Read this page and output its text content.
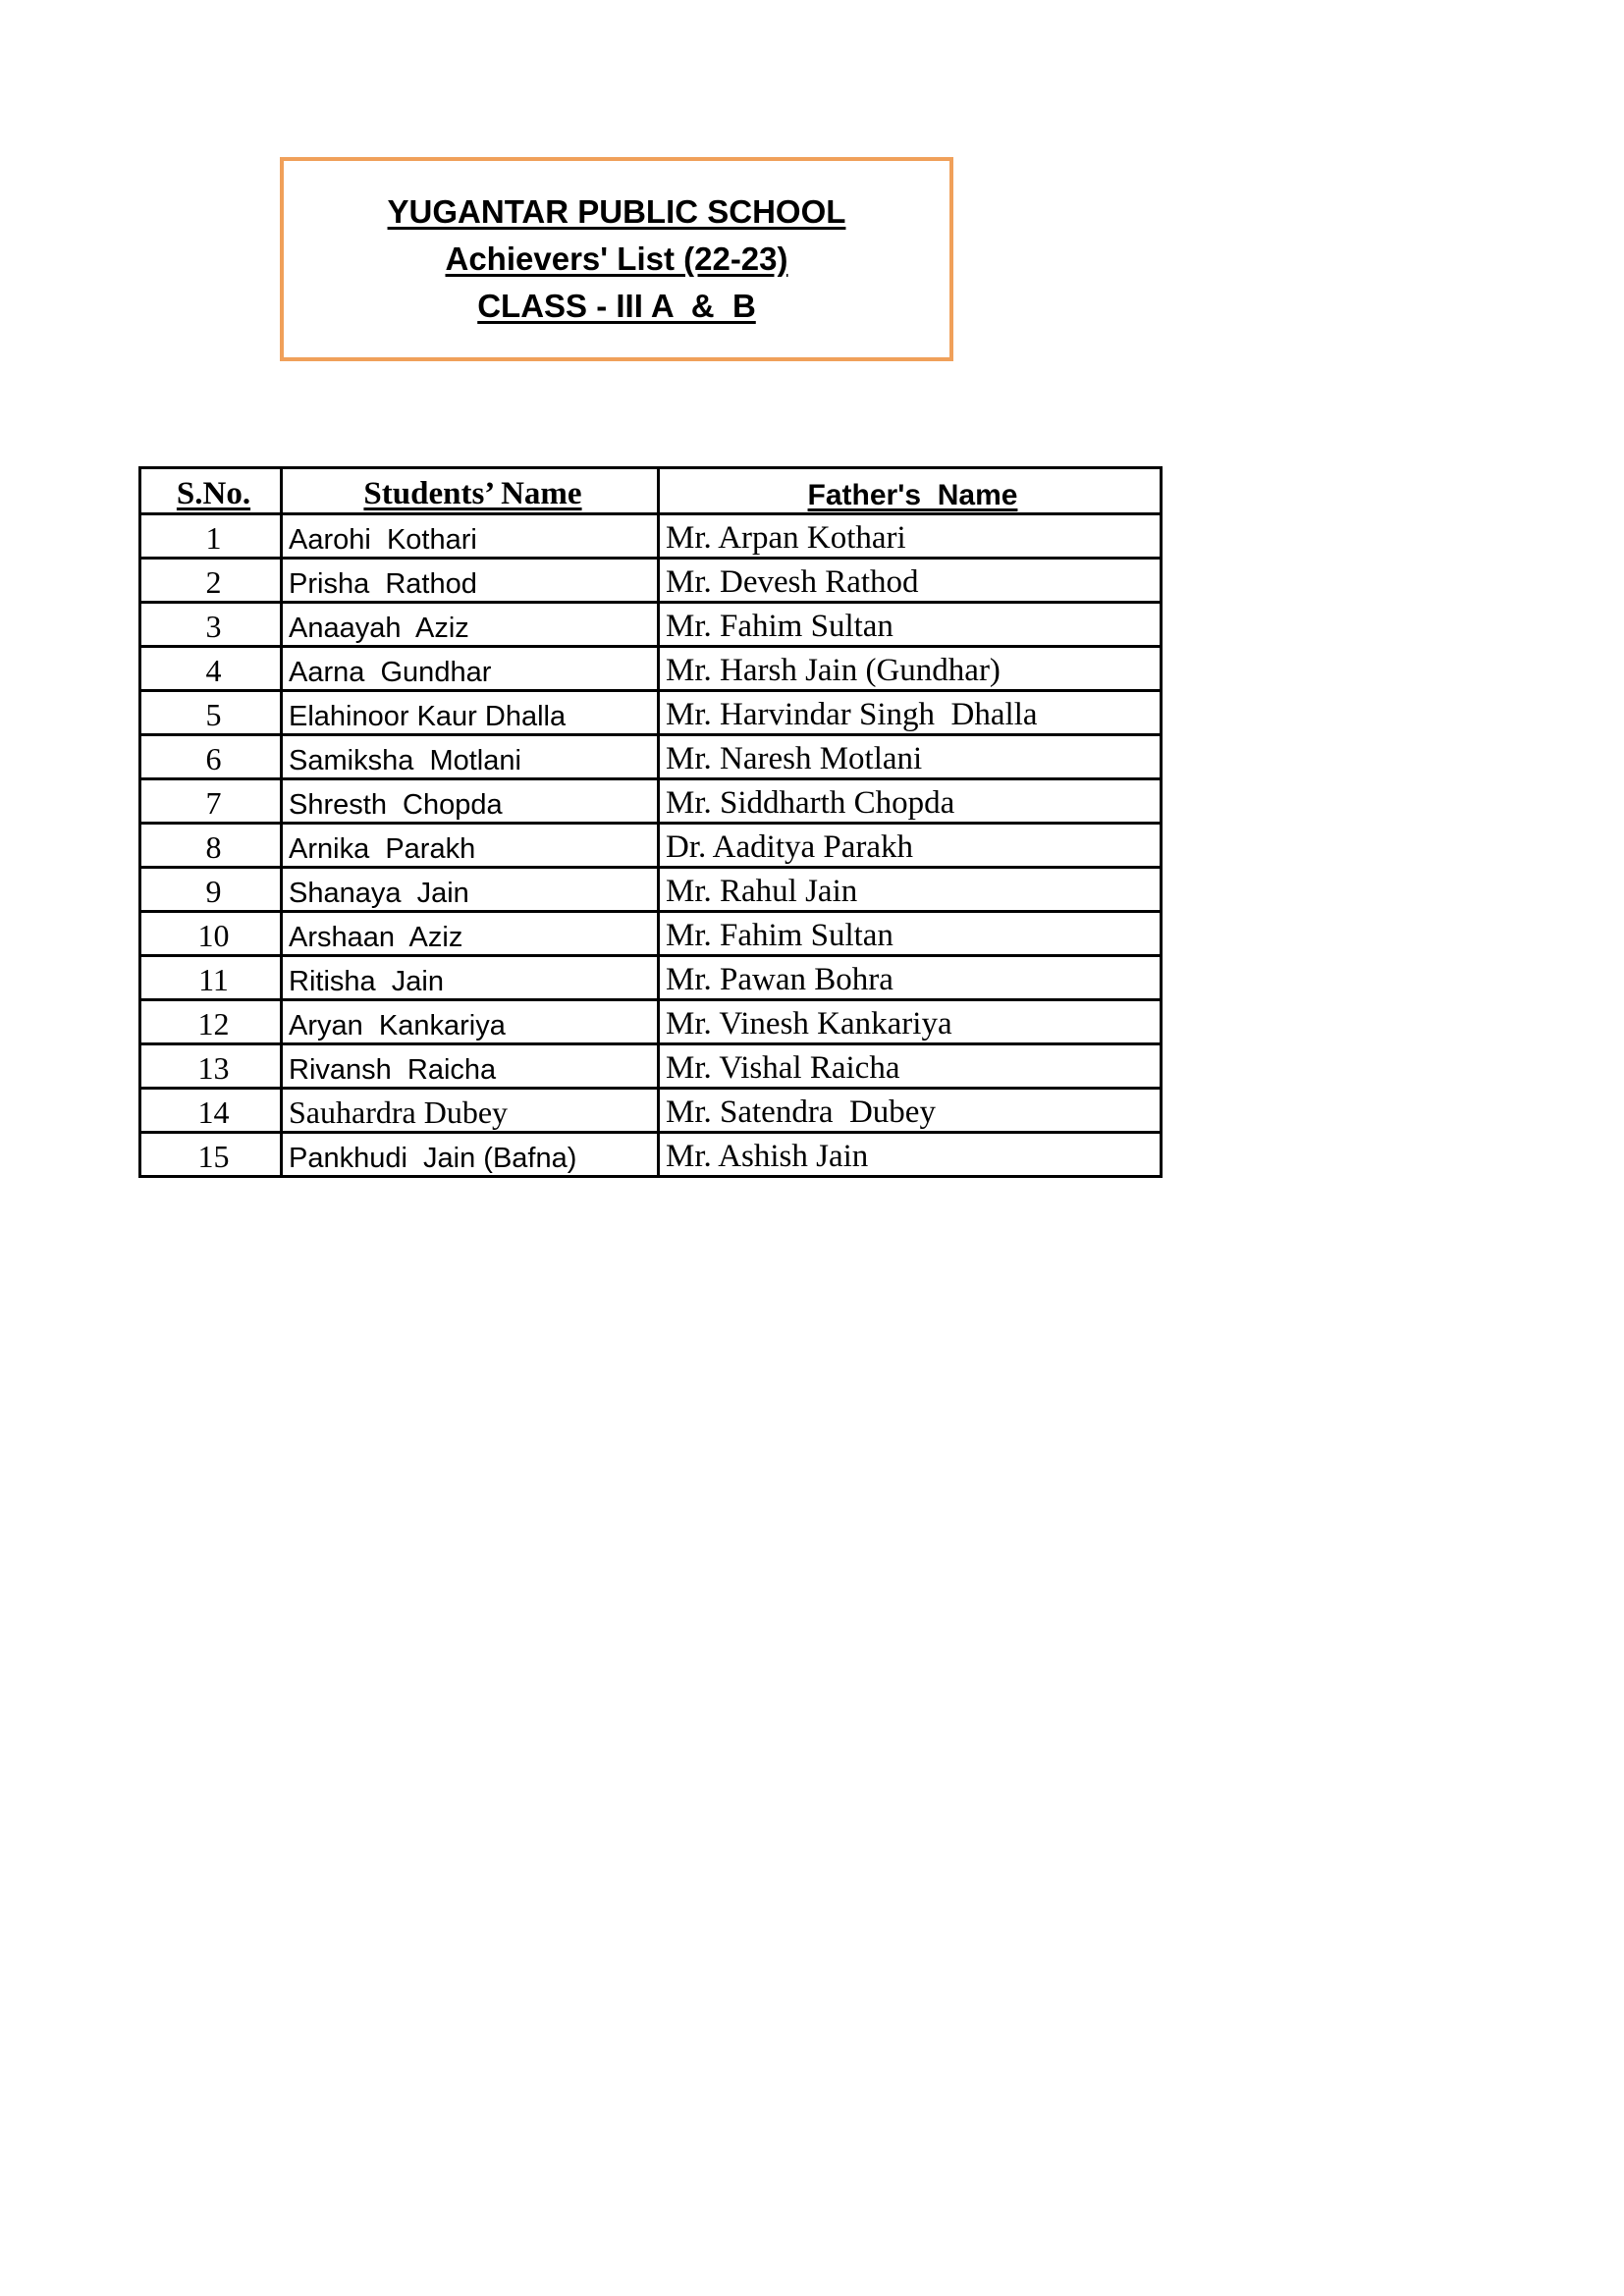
YUGANTAR PUBLIC SCHOOL
Achievers' List (22-23)
CLASS - III A  &  B
S.No.	Students’ Name	Father's  Name
1	Aarohi  Kothari	Mr. Arpan Kothari
2	Prisha  Rathod	Mr. Devesh Rathod
3	Anaayah  Aziz	Mr. Fahim Sultan
4	Aarna  Gundhar	Mr. Harsh Jain (Gundhar)
5	Elahinoor Kaur Dhalla	Mr. Harvindar Singh  Dhalla
6	Samiksha  Motlani	Mr. Naresh Motlani
7	Shresth  Chopda	Mr. Siddharth Chopda
8	Arnika  Parakh	Dr. Aaditya Parakh
9	Shanaya  Jain	Mr. Rahul Jain
10	Arshaan  Aziz	Mr. Fahim Sultan
11	Ritisha  Jain	Mr. Pawan Bohra
12	Aryan  Kankariya	Mr. Vinesh Kankariya
13	Rivansh  Raicha	Mr. Vishal Raicha
14	Sauhardra Dubey	Mr. Satendra  Dubey
15	Pankhudi  Jain (Bafna)	Mr. Ashish Jain
